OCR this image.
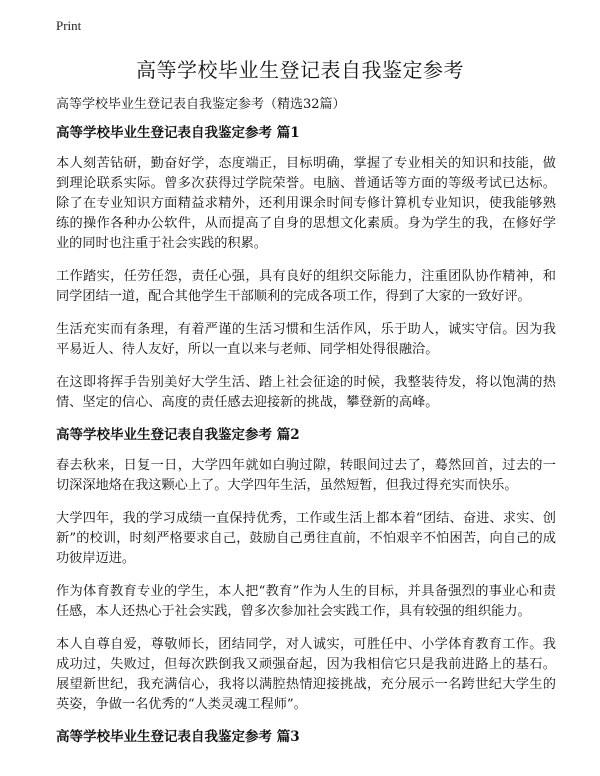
Print
高等学校毕业生登记表自我鉴定参考

高等学校毕业生登记表自我鉴定参考（精选32篇）

高等学校毕业生登记表自我鉴定参考 篇1

本人刻苦钻研，勤奋好学，态度端正，目标明确，掌握了专业相关的知识和技能，做到理论联系实际。曾多次获得过学院荣誉。电脑、普通话等方面的等级考试已达标。除了在专业知识方面精益求精外，还利用课余时间专修计算机专业知识，使我能够熟练的操作各种办公软件，从而提高了自身的思想文化素质。身为学生的我，在修好学业的同时也注重于社会实践的积累。

工作踏实，任劳任怨，责任心强，具有良好的组织交际能力，注重团队协作精神，和同学团结一道，配合其他学生干部顺利的完成各项工作，得到了大家的一致好评。

生活充实而有条理，有着严谨的生活习惯和生活作风，乐于助人，诚实守信。因为我平易近人、待人友好，所以一直以来与老师、同学相处得很融洽。

在这即将挥手告别美好大学生活、踏上社会征途的时候，我整装待发，将以饱满的热情、坚定的信心、高度的责任感去迎接新的挑战，攀登新的高峰。

高等学校毕业生登记表自我鉴定参考 篇2

春去秋来，日复一日，大学四年就如白驹过隙，转眼间过去了，蓦然回首，过去的一切深深地烙在我这颗心上了。大学四年生活，虽然短暂，但我过得充实而快乐。

大学四年，我的学习成绩一直保持优秀，工作或生活上都本着“团结、奋进、求实、创新”的校训，时刻严格要求自己，鼓励自己勇往直前，不怕艰辛不怕困苦，向自己的成功彼岸迈进。

作为体育教育专业的学生，本人把“教育”作为人生的目标，并具备强烈的事业心和责任感，本人还热心于社会实践，曾多次参加社会实践工作，具有较强的组织能力。

本人自尊自爱，尊敬师长，团结同学，对人诚实，可胜任中、小学体育教育工作。我成功过，失败过，但每次跌倒我又顽强奋起，因为我相信它只是我前进路上的基石。展望新世纪，我充满信心，我将以满腔热情迎接挑战，充分展示一名跨世纪大学生的英姿，争做一名优秀的“人类灵魂工程师”。

高等学校毕业生登记表自我鉴定参考 篇3
